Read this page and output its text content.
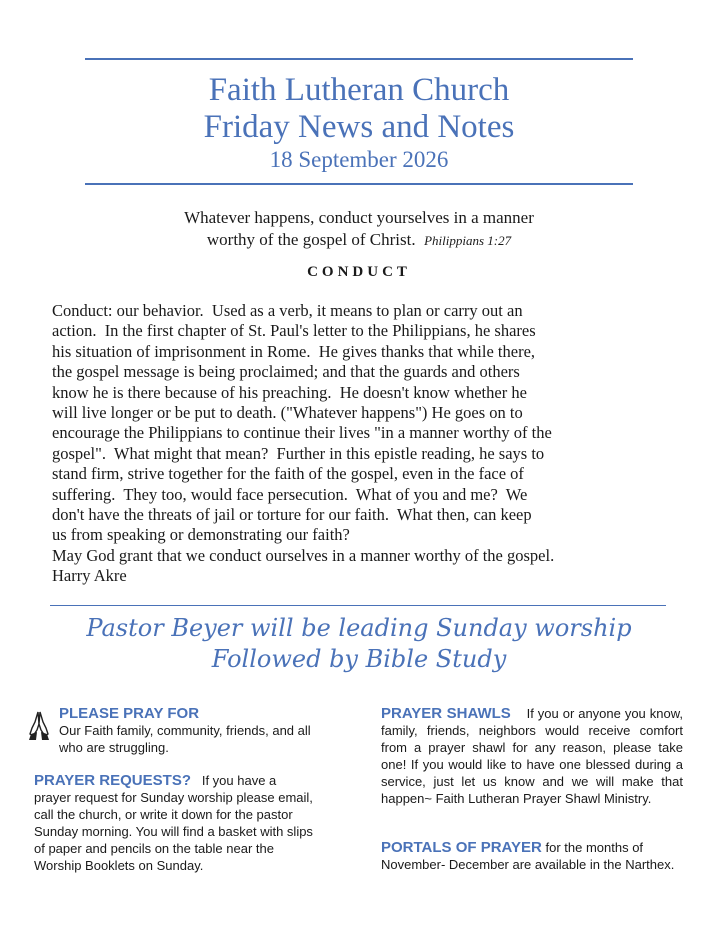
Faith Lutheran Church
Friday News and Notes
18 September 2026
Whatever happens, conduct yourselves in a manner
worthy of the gospel of Christ. Philippians 1:27
CONDUCT
Conduct: our behavior.  Used as a verb, it means to plan or carry out an
action.  In the first chapter of St. Paul's letter to the Philippians, he shares
his situation of imprisonment in Rome.  He gives thanks that while there,
the gospel message is being proclaimed; and that the guards and others
know he is there because of his preaching.  He doesn't know whether he
will live longer or be put to death. ("Whatever happens") He goes on to
encourage the Philippians to continue their lives "in a manner worthy of the
gospel".  What might that mean?  Further in this epistle reading, he says to
stand firm, strive together for the faith of the gospel, even in the face of
suffering.  They too, would face persecution.  What of you and me?  We
don't have the threats of jail or torture for our faith.  What then, can keep
us from speaking or demonstrating our faith?
May God grant that we conduct ourselves in a manner worthy of the gospel.
Harry Akre
Pastor Beyer will be leading Sunday worship
Followed by Bible Study
PLEASE PRAY FOR
Our Faith family, community, friends, and all who are struggling.
PRAYER REQUESTS? If you have a prayer request for Sunday worship please email, call the church, or write it down for the pastor Sunday morning. You will find a basket with slips of paper and pencils on the table near the Worship Booklets on Sunday.
PRAYER SHAWLS If you or anyone you know, family, friends, neighbors would receive comfort from a prayer shawl for any reason, please take one! If you would like to have one blessed during a service, just let us know and we will make that happen~ Faith Lutheran Prayer Shawl Ministry.
PORTALS OF PRAYER for the months of November- December are available in the Narthex.
